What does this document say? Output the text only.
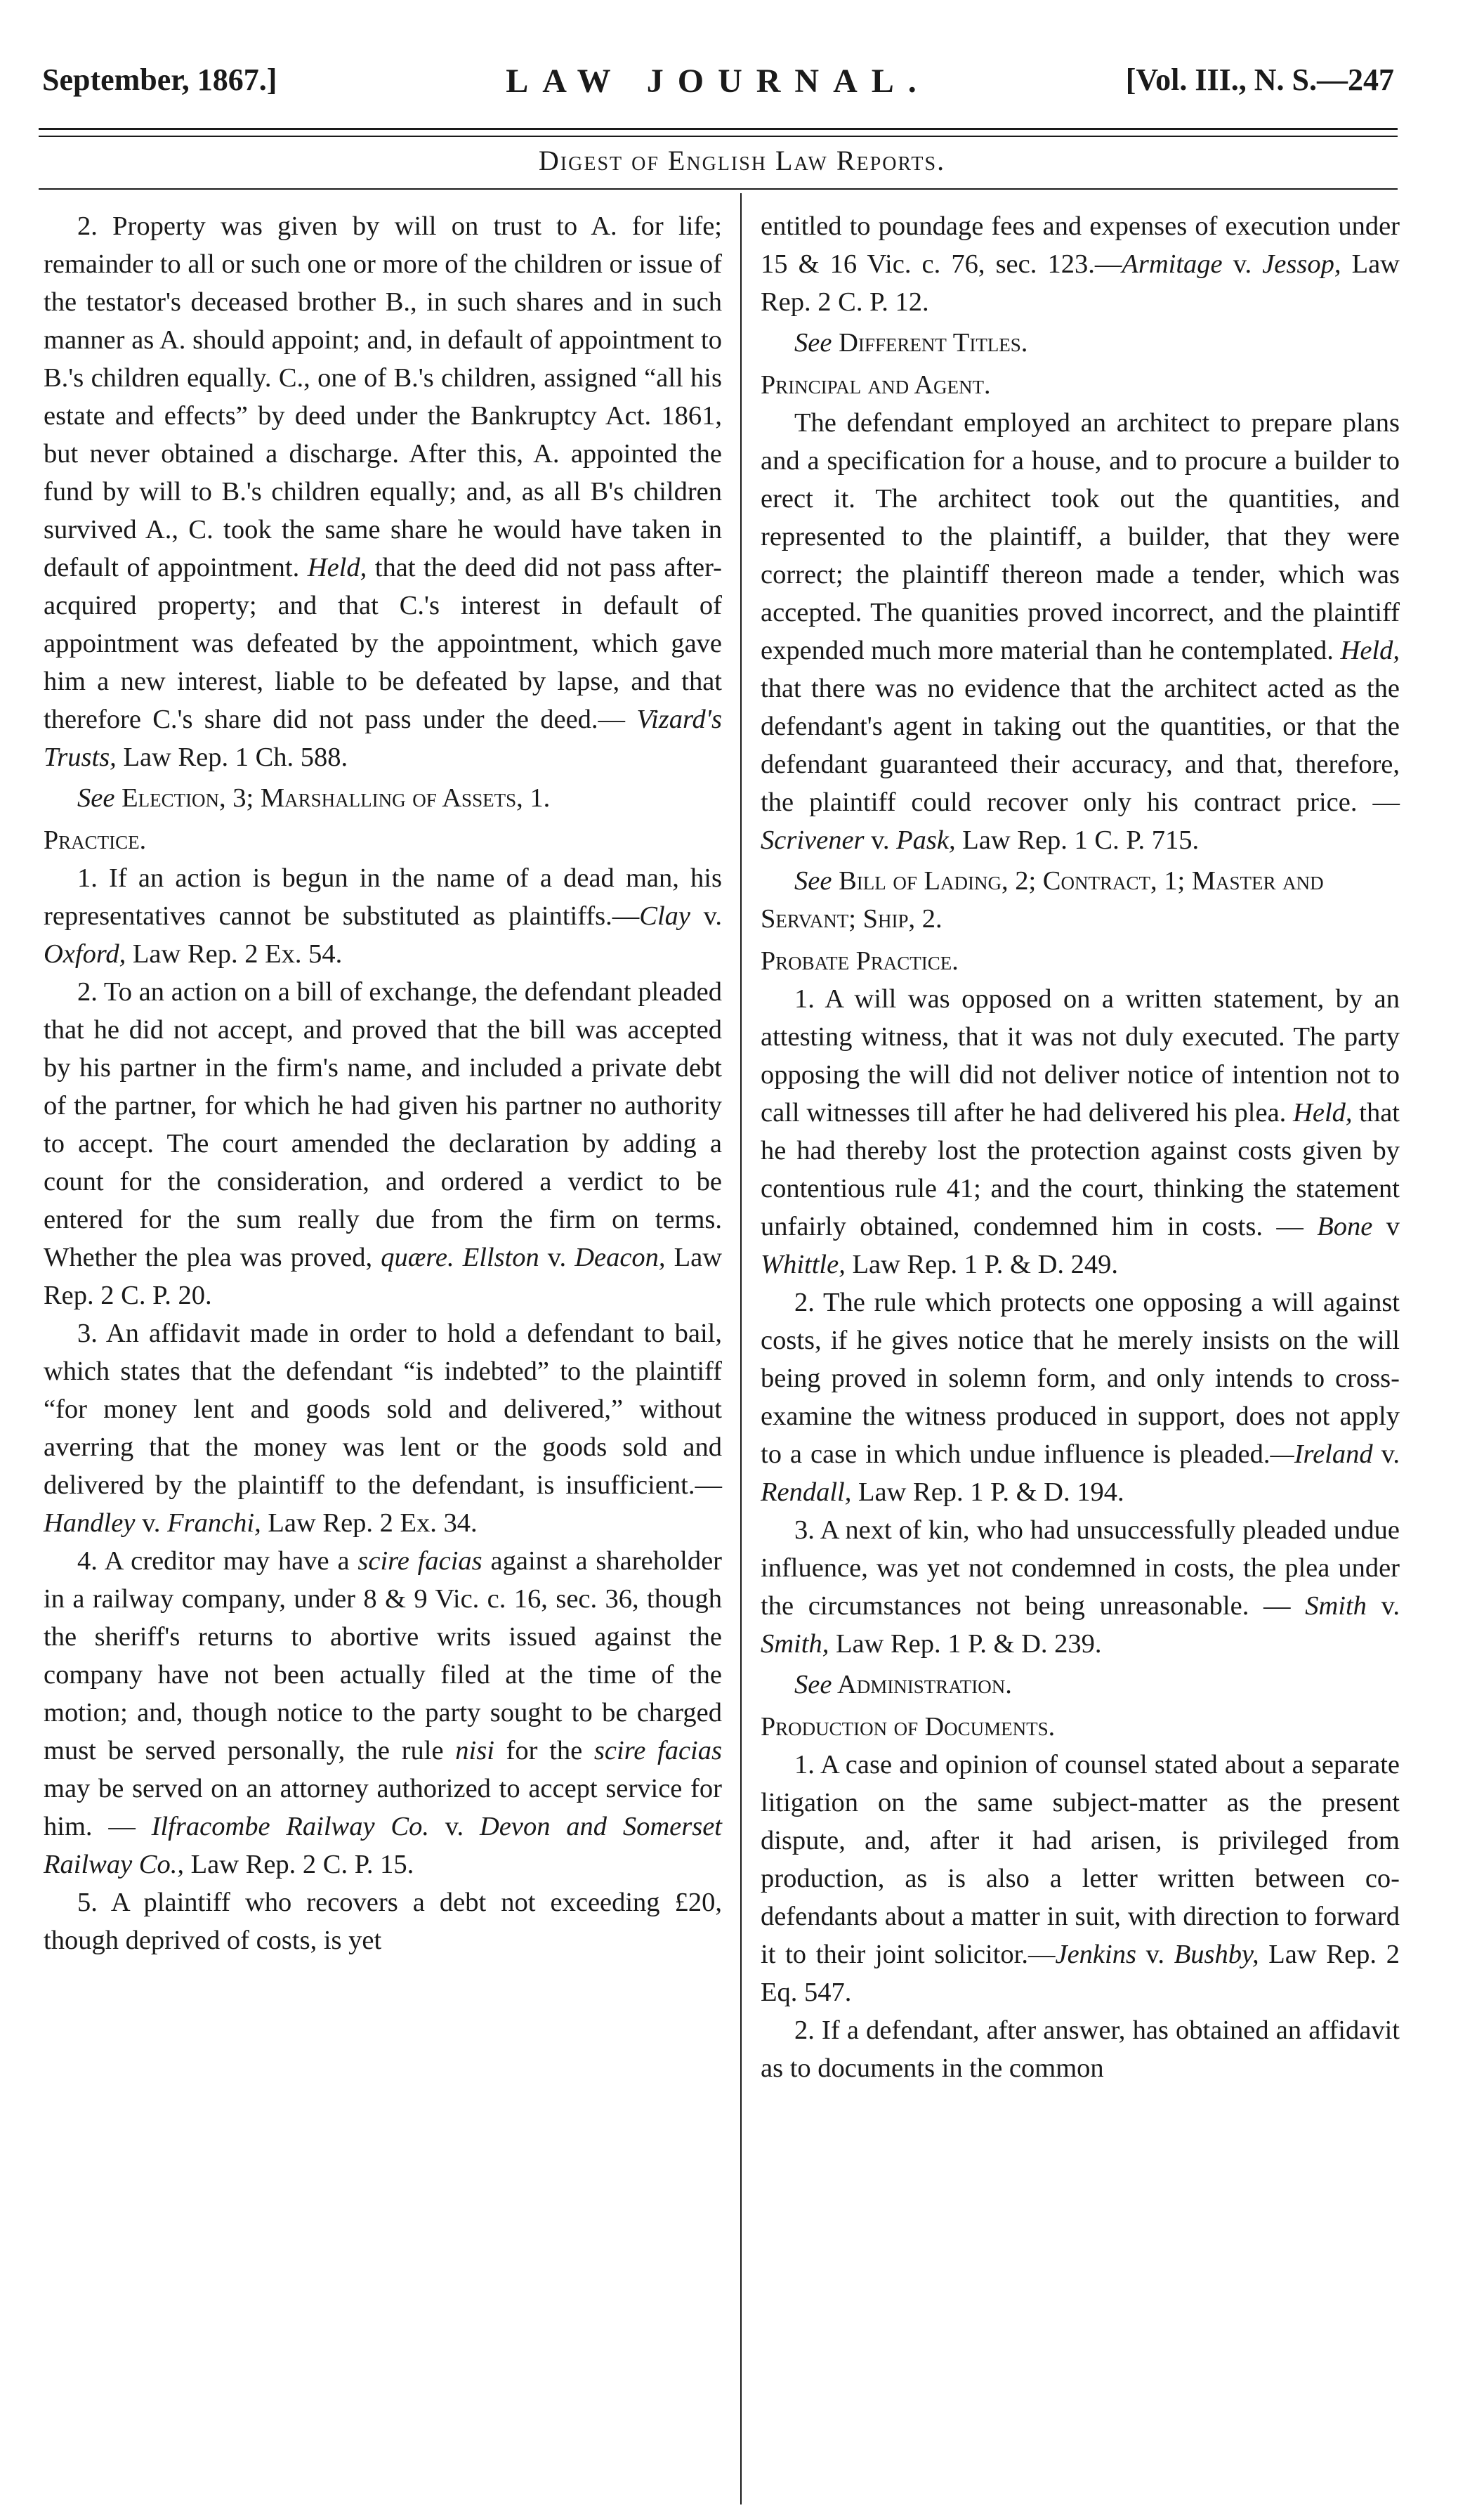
September, 1867.]	LAW JOURNAL.	[Vol. III., N. S.—247
Digest of English Law Reports.

2. Property was given by will on trust to A. for life; remainder to all or such one or more of the children or issue of the testator's deceased brother B., in such shares and in such manner as A. should appoint; and, in default of appointment to B.'s children equally. C., one of B.'s children, assigned “all his estate and effects” by deed under the Bankruptcy Act. 1861, but never obtained a discharge. After this, A. appointed the fund by will to B.'s children equally; and, as all B's children survived A., C. took the same share he would have taken in default of appointment. Held, that the deed did not pass after-acquired property; and that C.'s interest in default of appointment was defeated by the appointment, which gave him a new interest, liable to be defeated by lapse, and that therefore C.'s share did not pass under the deed.— Vizard's Trusts, Law Rep. 1 Ch. 588.

See Election, 3; Marshalling of Assets, 1.

Practice.

1. If an action is begun in the name of a dead man, his representatives cannot be substituted as plaintiffs.—Clay v. Oxford, Law Rep. 2 Ex. 54.

2. To an action on a bill of exchange, the defendant pleaded that he did not accept, and proved that the bill was accepted by his partner in the firm's name, and included a private debt of the partner, for which he had given his partner no authority to accept. The court amended the declaration by adding a count for the consideration, and ordered a verdict to be entered for the sum really due from the firm on terms. Whether the plea was proved, quære. Ellston v. Deacon, Law Rep. 2 C. P. 20.

3. An affidavit made in order to hold a defendant to bail, which states that the defendant “is indebted” to the plaintiff “for money lent and goods sold and delivered,” without averring that the money was lent or the goods sold and delivered by the plaintiff to the defendant, is insufficient.—Handley v. Franchi, Law Rep. 2 Ex. 34.

4. A creditor may have a scire facias against a shareholder in a railway company, under 8 & 9 Vic. c. 16, sec. 36, though the sheriff's returns to abortive writs issued against the company have not been actually filed at the time of the motion; and, though notice to the party sought to be charged must be served personally, the rule nisi for the scire facias may be served on an attorney authorized to accept service for him. — Ilfracombe Railway Co. v. Devon and Somerset Railway Co., Law Rep. 2 C. P. 15.

5. A plaintiff who recovers a debt not exceeding £20, though deprived of costs, is yet

entitled to poundage fees and expenses of execution under 15 & 16 Vic. c. 76, sec. 123.—Armitage v. Jessop, Law Rep. 2 C. P. 12.

See Different Titles.

Principal and Agent.

The defendant employed an architect to prepare plans and a specification for a house, and to procure a builder to erect it. The architect took out the quantities, and represented to the plaintiff, a builder, that they were correct; the plaintiff thereon made a tender, which was accepted. The quanities proved incorrect, and the plaintiff expended much more material than he contemplated. Held, that there was no evidence that the architect acted as the defendant's agent in taking out the quantities, or that the defendant guaranteed their accuracy, and that, therefore, the plaintiff could recover only his contract price. — Scrivener v. Pask, Law Rep. 1 C. P. 715.

See Bill of Lading, 2; Contract, 1; Master and Servant; Ship, 2.

Probate Practice.

1. A will was opposed on a written statement, by an attesting witness, that it was not duly executed. The party opposing the will did not deliver notice of intention not to call witnesses till after he had delivered his plea. Held, that he had thereby lost the protection against costs given by contentious rule 41; and the court, thinking the statement unfairly obtained, condemned him in costs. — Bone v Whittle, Law Rep. 1 P. & D. 249.

2. The rule which protects one opposing a will against costs, if he gives notice that he merely insists on the will being proved in solemn form, and only intends to cross-examine the witness produced in support, does not apply to a case in which undue influence is pleaded.—Ireland v. Rendall, Law Rep. 1 P. & D. 194.

3. A next of kin, who had unsuccessfully pleaded undue influence, was yet not condemned in costs, the plea under the circumstances not being unreasonable. — Smith v. Smith, Law Rep. 1 P. & D. 239.

See Administration.

Production of Documents.

1. A case and opinion of counsel stated about a separate litigation on the same subject-matter as the present dispute, and, after it had arisen, is privileged from production, as is also a letter written between co-defendants about a matter in suit, with direction to forward it to their joint solicitor.—Jenkins v. Bushby, Law Rep. 2 Eq. 547.

2. If a defendant, after answer, has obtained an affidavit as to documents in the common
